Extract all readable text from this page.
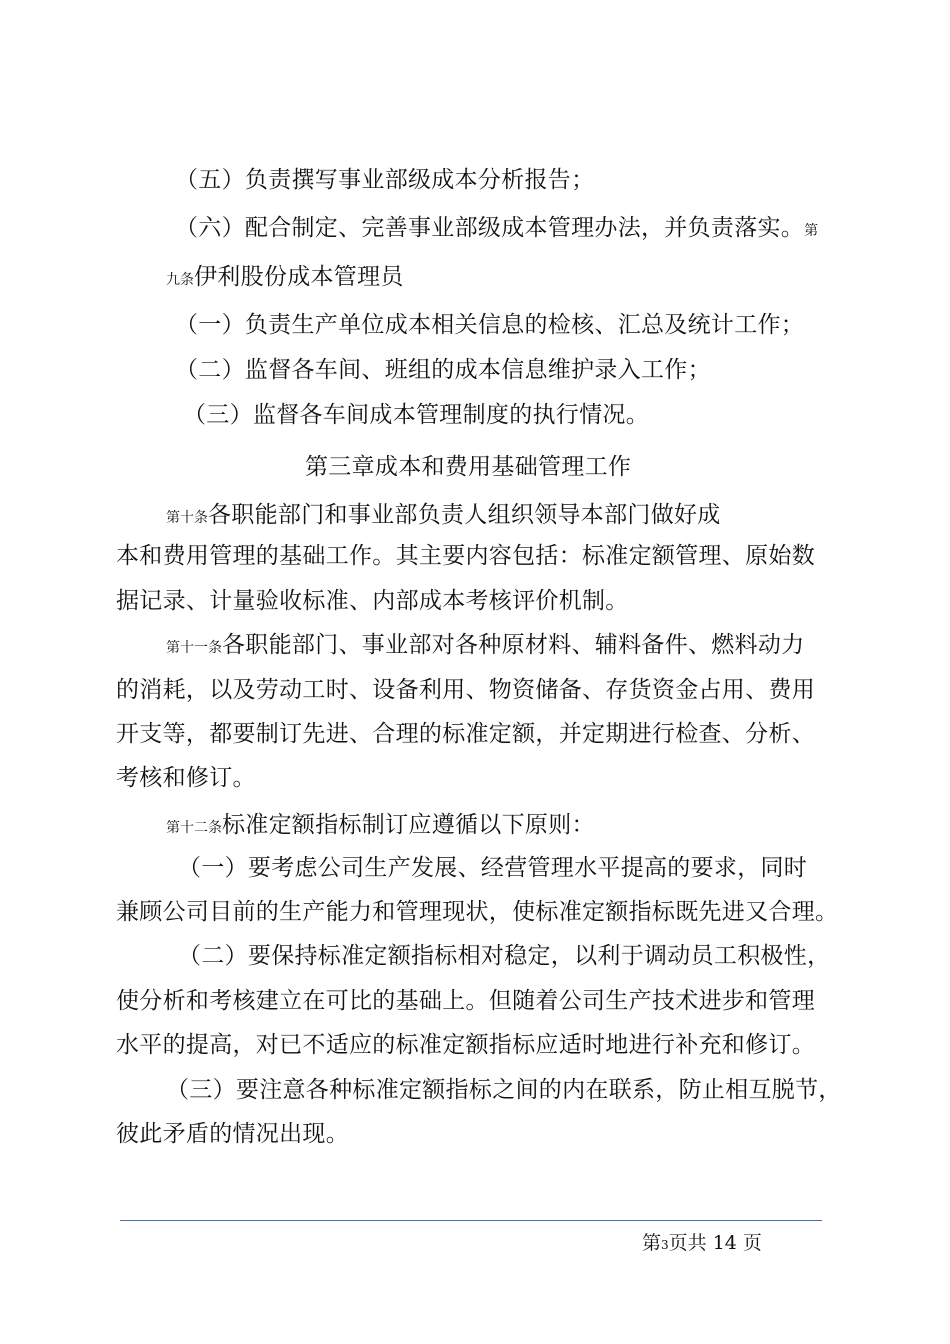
（五）负责撰写事业部级成本分析报告；
（六）配合制定、完善事业部级成本管理办法，并负责落实。第
九条伊利股份成本管理员
（一）负责生产单位成本相关信息的检核、汇总及统计工作；
（二）监督各车间、班组的成本信息维护录入工作；
（三）监督各车间成本管理制度的执行情况。
第三章成本和费用基础管理工作
第十条各职能部门和事业部负责人组织领导本部门做好成
本和费用管理的基础工作。其主要内容包括：标准定额管理、原始数
据记录、计量验收标准、内部成本考核评价机制。
第十一条各职能部门、事业部对各种原材料、辅料备件、燃料动力
的消耗，以及劳动工时、设备利用、物资储备、存货资金占用、费用
开支等，都要制订先进、合理的标准定额，并定期进行检查、分析、
考核和修订。
第十二条标准定额指标制订应遵循以下原则：
（一）要考虑公司生产发展、经营管理水平提高的要求，同时
兼顾公司目前的生产能力和管理现状，使标准定额指标既先进又合理。
（二）要保持标准定额指标相对稳定，以利于调动员工积极性，
使分析和考核建立在可比的基础上。但随着公司生产技术进步和管理
水平的提高，对已不适应的标准定额指标应适时地进行补充和修订。
（三）要注意各种标准定额指标之间的内在联系，防止相互脱节，
彼此矛盾的情况出现。
第3页共 14 页
